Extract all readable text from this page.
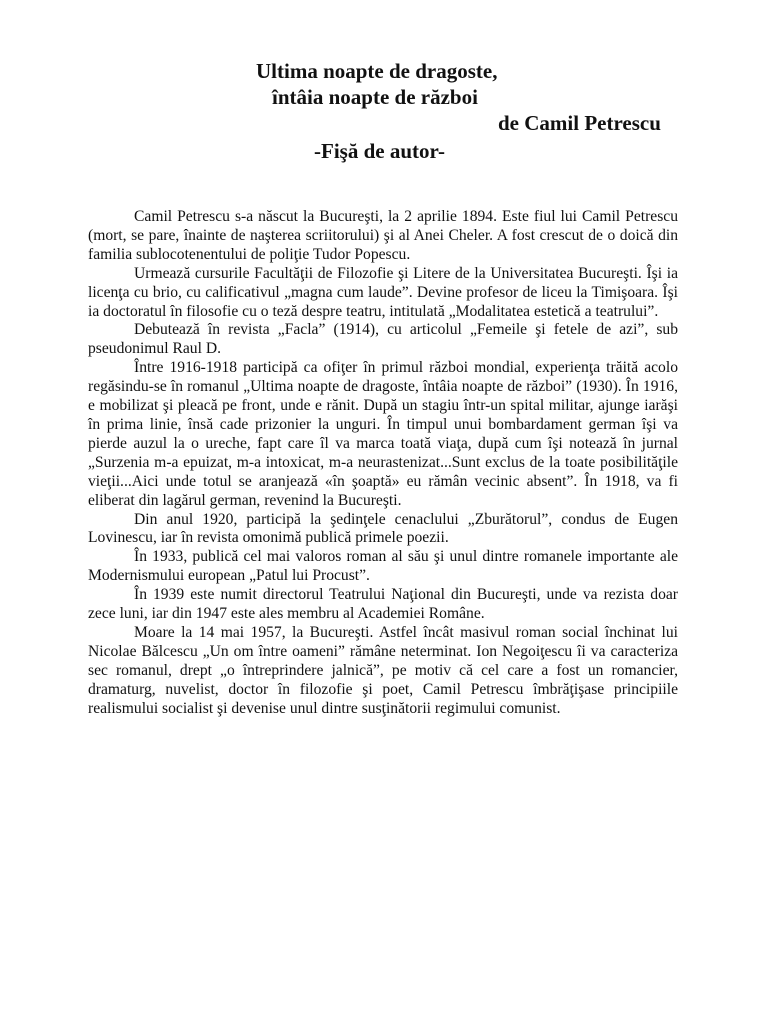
Ultima noapte de dragoste,
întâia noapte de război
de Camil Petrescu
-Fişă de autor-

Camil Petrescu s-a născut la Bucureşti, la 2 aprilie 1894. Este fiul lui Camil Petrescu (mort, se pare, înainte de naşterea scriitorului) şi al Anei Cheler. A fost crescut de o doică din familia sublocotenentului de poliţie Tudor Popescu.

Urmează cursurile Facultăţii de Filozofie şi Litere de la Universitatea Bucureşti. Îşi ia licenţa cu brio, cu calificativul „magna cum laude”. Devine profesor de liceu la Timişoara. Îşi ia doctoratul în filosofie cu o teză despre teatru, intitulată „Modalitatea estetică a teatrului”.

Debutează în revista „Facla” (1914), cu articolul „Femeile şi fetele de azi”, sub pseudonimul Raul D.

Între 1916-1918 participă ca ofiţer în primul război mondial, experienţa trăită acolo regăsindu-se în romanul „Ultima noapte de dragoste, întâia noapte de război” (1930). În 1916, e mobilizat şi pleacă pe front, unde e rănit. După un stagiu într-un spital militar, ajunge iarăşi în prima linie, însă cade prizonier la unguri. În timpul unui bombardament german îşi va pierde auzul la o ureche, fapt care îl va marca toată viaţa, după cum îşi notează în jurnal „Surzenia m-a epuizat, m-a intoxicat, m-a neurastenizat...Sunt exclus de la toate posibilităţile vieţii...Aici unde totul se aranjează «în şoaptă» eu rămân vecinic absent”. În 1918, va fi eliberat din lagărul german, revenind la Bucureşti.

Din anul 1920, participă la şedinţele cenaclului „Zburătorul”, condus de Eugen Lovinescu, iar în revista omonimă publică primele poezii.

În 1933, publică cel mai valoros roman al său şi unul dintre romanele importante ale Modernismului european „Patul lui Procust”.

În 1939 este numit directorul Teatrului Naţional din Bucureşti, unde va rezista doar zece luni, iar din 1947 este ales membru al Academiei Române.

Moare la 14 mai 1957, la Bucureşti. Astfel încât masivul roman social închinat lui Nicolae Bălcescu „Un om între oameni” rămâne neterminat. Ion Negoiţescu îi va caracteriza sec romanul, drept „o întreprindere jalnică”, pe motiv că cel care a fost un romancier, dramaturg, nuvelist, doctor în filozofie şi poet, Camil Petrescu îmbrăţişase principiile realismului socialist şi devenise unul dintre susţinătorii regimului comunist.
